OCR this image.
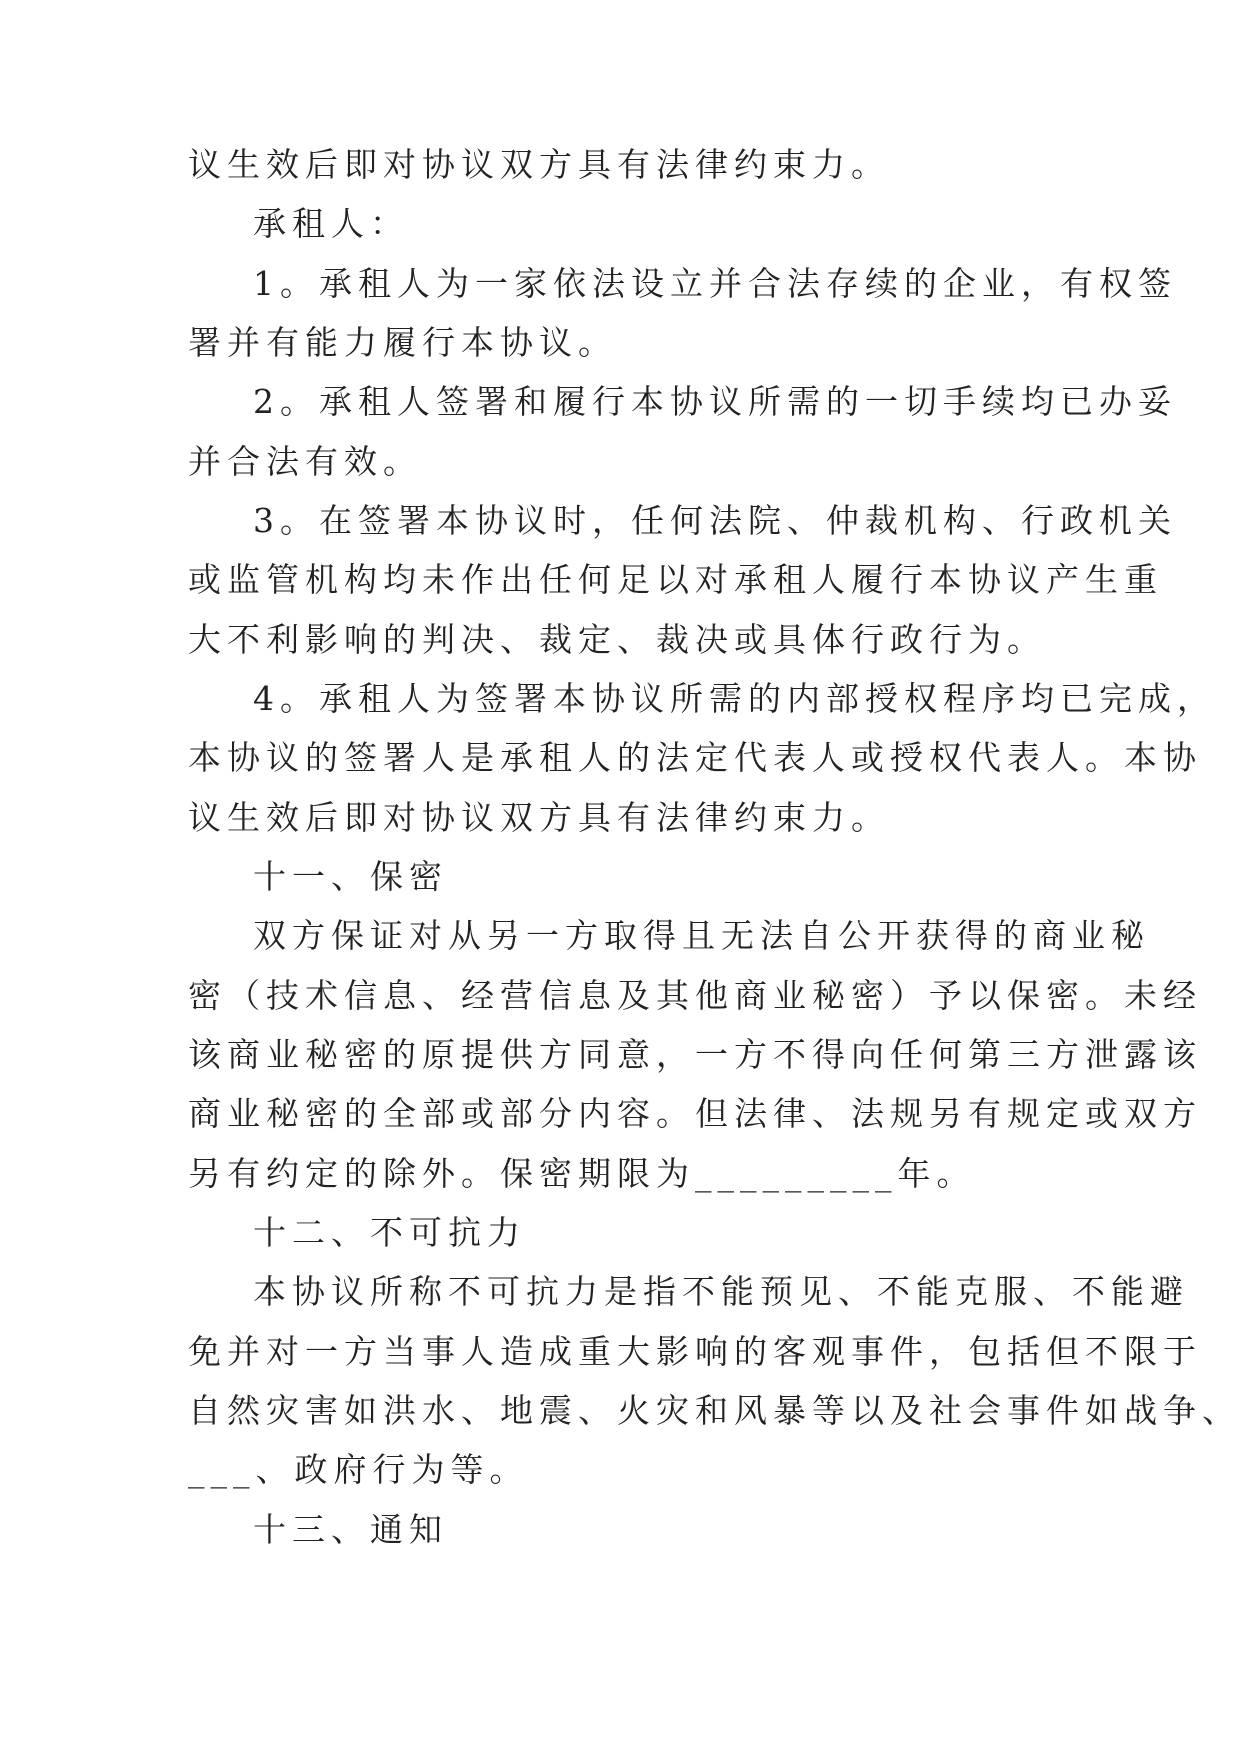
议生效后即对协议双方具有法律约束力。
承租人：
1。承租人为一家依法设立并合法存续的企业，有权签
署并有能力履行本协议。
2。承租人签署和履行本协议所需的一切手续均已办妥
并合法有效。
3。在签署本协议时，任何法院、仲裁机构、行政机关
或监管机构均未作出任何足以对承租人履行本协议产生重
大不利影响的判决、裁定、裁决或具体行政行为。
4。承租人为签署本协议所需的内部授权程序均已完成，
本协议的签署人是承租人的法定代表人或授权代表人。本协
议生效后即对协议双方具有法律约束力。
十一、保密
双方保证对从另一方取得且无法自公开获得的商业秘
密（技术信息、经营信息及其他商业秘密）予以保密。未经
该商业秘密的原提供方同意，一方不得向任何第三方泄露该
商业秘密的全部或部分内容。但法律、法规另有规定或双方
另有约定的除外。保密期限为_________年。
十二、不可抗力
本协议所称不可抗力是指不能预见、不能克服、不能避
免并对一方当事人造成重大影响的客观事件，包括但不限于
自然灾害如洪水、地震、火灾和风暴等以及社会事件如战争、
___、政府行为等。
十三、通知
